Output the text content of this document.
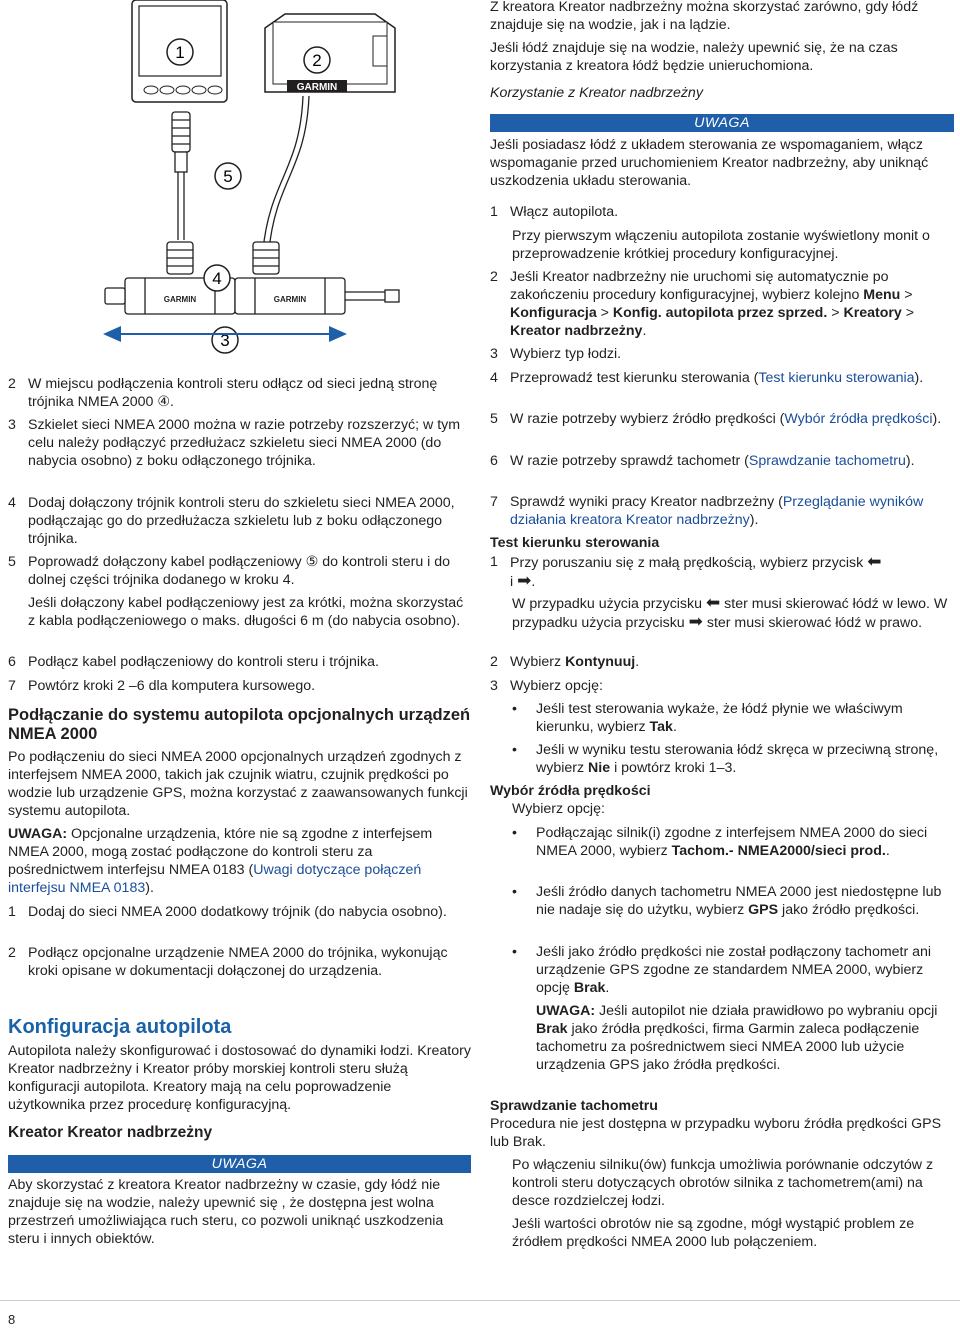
1
GARMIN
2
5
GARMIN	GARMIN
4
3
2 W miejscu podłączenia kontroli steru odłącz od sieci jedną stronę trójnika NMEA 2000 ④.
3 Szkielet sieci NMEA 2000 można w razie potrzeby rozszerzyć; w tym celu należy podłączyć przedłużacz szkieletu sieci NMEA 2000 (do nabycia osobno) z boku odłączonego trójnika.
4 Dodaj dołączony trójnik kontroli steru do szkieletu sieci NMEA 2000, podłączając go do przedłużacza szkieletu lub z boku odłączonego trójnika.
5 Poprowadź dołączony kabel podłączeniowy ⑤ do kontroli steru i do dolnej części trójnika dodanego w kroku 4.
Jeśli dołączony kabel podłączeniowy jest za krótki, można skorzystać z kabla podłączeniowego o maks. długości 6 m (do nabycia osobno).
6 Podłącz kabel podłączeniowy do kontroli steru i trójnika.
7 Powtórz kroki 2 –6 dla komputera kursowego.
Podłączanie do systemu autopilota opcjonalnych urządzeń NMEA 2000

Po podłączeniu do sieci NMEA 2000 opcjonalnych urządzeń zgodnych z interfejsem NMEA 2000, takich jak czujnik wiatru, czujnik prędkości po wodzie lub urządzenie GPS, można korzystać z zaawansowanych funkcji systemu autopilota.

UWAGA: Opcjonalne urządzenia, które nie są zgodne z interfejsem NMEA 2000, mogą zostać podłączone do kontroli steru za pośrednictwem interfejsu NMEA 0183 (Uwagi dotyczące połączeń interfejsu NMEA 0183).

1 Dodaj do sieci NMEA 2000 dodatkowy trójnik (do nabycia osobno).
2 Podłącz opcjonalne urządzenie NMEA 2000 do trójnika, wykonując kroki opisane w dokumentacji dołączonej do urządzenia.
Konfiguracja autopilota

Autopilota należy skonfigurować i dostosować do dynamiki łodzi. Kreatory Kreator nadbrzeżny i Kreator próby morskiej kontroli steru służą konfiguracji autopilota. Kreatory mają na celu poprowadzenie użytkownika przez procedurę konfiguracyjną.

Kreator Kreator nadbrzeżny
UWAGA

Aby skorzystać z kreatora Kreator nadbrzeżny w czasie, gdy łódź nie znajduje się na wodzie, należy upewnić się , że dostępna jest wolna przestrzeń umożliwiająca ruch steru, co pozwoli uniknąć uszkodzenia steru i innych obiektów.

Z kreatora Kreator nadbrzeżny można skorzystać zarówno, gdy łódź znajduje się na wodzie, jak i na lądzie.

Jeśli łódź znajduje się na wodzie, należy upewnić się, że na czas korzystania z kreatora łódź będzie unieruchomiona.

Korzystanie z Kreator nadbrzeżny

UWAGA

Jeśli posiadasz łódź z układem sterowania ze wspomaganiem, włącz wspomaganie przed uruchomieniem Kreator nadbrzeżny, aby uniknąć uszkodzenia układu sterowania.

1 Włącz autopilota.

Przy pierwszym włączeniu autopilota zostanie wyświetlony monit o przeprowadzenie krótkiej procedury konfiguracyjnej.

2 Jeśli Kreator nadbrzeżny nie uruchomi się automatycznie po zakończeniu procedury konfiguracyjnej, wybierz kolejno Menu > Konfiguracja > Konfig. autopilota przez sprzed. > Kreatory > Kreator nadbrzeżny.
3 Wybierz typ łodzi.
4 Przeprowadź test kierunku sterowania (Test kierunku sterowania).
5 W razie potrzeby wybierz źródło prędkości (Wybór źródła prędkości).
6 W razie potrzeby sprawdź tachometr (Sprawdzanie tachometru).
7 Sprawdź wyniki pracy Kreator nadbrzeżny (Przeglądanie wyników działania kreatora Kreator nadbrzeżny).
Test kierunku sterowania
1 Przy poruszaniu się z małą prędkością, wybierz przycisk ⬅
i ➡.

W przypadku użycia przycisku ⬅ ster musi skierować łódź w lewo. W przypadku użycia przycisku ➡ ster musi skierować łódź w prawo.

2 Wybierz Kontynuuj.
3 Wybierz opcję:
• Jeśli test sterowania wykaże, że łódź płynie we właściwym kierunku, wybierz Tak.
• Jeśli w wyniku testu sterowania łódź skręca w przeciwną stronę, wybierz Nie i powtórz kroki 1–3.
Wybór źródła prędkości

Wybierz opcję:

• Podłączając silnik(i) zgodne z interfejsem NMEA 2000 do sieci NMEA 2000, wybierz Tachom.- NMEA2000/sieci prod..
• Jeśli źródło danych tachometru NMEA 2000 jest niedostępne lub nie nadaje się do użytku, wybierz GPS jako źródło prędkości.
• Jeśli jako źródło prędkości nie został podłączony tachometr ani urządzenie GPS zgodne ze standardem NMEA 2000, wybierz opcję Brak.

UWAGA: Jeśli autopilot nie działa prawidłowo po wybraniu opcji Brak jako źródła prędkości, firma Garmin zaleca podłączenie tachometru za pośrednictwem sieci NMEA 2000 lub użycie urządzenia GPS jako źródła prędkości.

Sprawdzanie tachometru

Procedura nie jest dostępna w przypadku wyboru źródła prędkości GPS lub Brak.

Po włączeniu silniku(ów) funkcja umożliwia porównanie odczytów z kontroli steru dotyczących obrotów silnika z tachometrem(ami) na desce rozdzielczej łodzi.

Jeśli wartości obrotów nie są zgodne, mógł wystąpić problem ze źródłem prędkości NMEA 2000 lub połączeniem.

8
